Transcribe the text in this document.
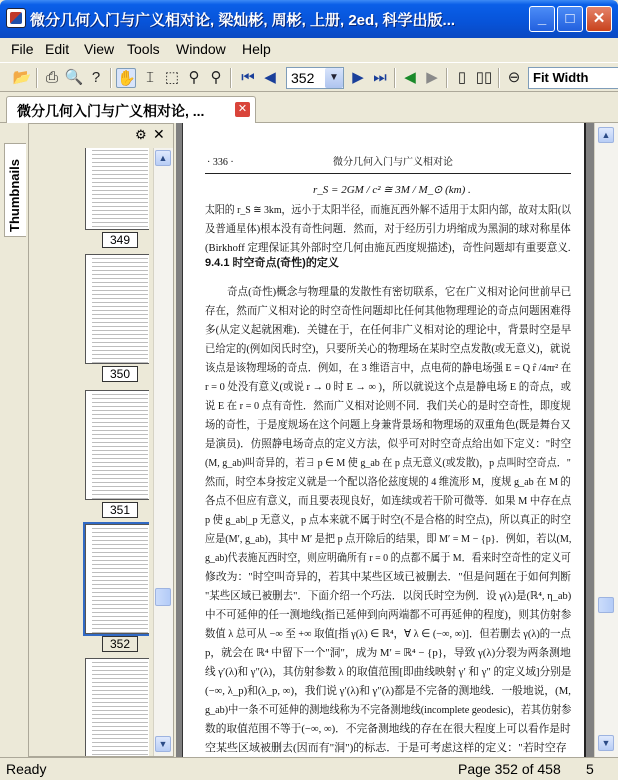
微分几何入门与广义相对论, 梁灿彬, 周彬, 上册, 2ed, 科学出版...	_	□	✕
File Edit View Tools Window Help
📂 ⎙ 🔍 ?	✋ 𝙸 ⬚ ⚲ ⚲	⏮ ◀	352	▼ ▶ ⏭ ◀ ▶	▯ ▯▯ ⊖ Fit Width
微分几何入门与广义相对论, ...	✕
Thumbnails
⚙ ✕
349
350
351
352
▲
▼
· 336 ·	微分几何入门与广义相对论
r_S = 2GM / c² ≅ 3M / M_⊙ (km) .
太阳的 r_S ≅ 3km，远小于太阳半径，而施瓦西外解不适用于太阳内部，故对太阳(以
及普通星体)根本没有奇性问题．然而，对于经历引力坍缩成为黑洞的球对称星体
(Birkhoff 定理保证其外部时空几何由施瓦西度规描述)，奇性问题却有重要意义.
9.4.1 时空奇点(奇性)的定义
奇点(奇性)概念与物理量的发散性有密切联系，它在广义相对论问世前早已
存在，然而广义相对论的时空奇性问题却比任何其他物理理论的奇点问题困难得
多(从定义起就困难)．关键在于，在任何非广义相对论的理论中，背景时空是早
已给定的(例如闵氏时空)，只要所关心的物理场在某时空点发散(或无意义)，就说
该点是该物理场的奇点．例如，在 3 维语言中，点电荷的静电场强 E = Q r̂ /4πr² 在
r = 0 处没有意义(或说 r → 0 时 E → ∞ )，所以就说这个点是静电场 E 的奇点，或
说 E 在 r = 0 点有奇性．然而广义相对论则不同．我们关心的是时空奇性，即度规
场的奇性，于是度规场在这个问题上身兼背景场和物理场的双重角色(既是舞台又
是演员)．仿照静电场奇点的定义方法，似乎可对时空奇点给出如下定义："时空
(M, g_ab)叫奇异的，若∃ p ∈ M 使 g_ab 在 p 点无意义(或发散)，p 点叫时空奇点．"
然而，时空本身按定义就是一个配以洛伦兹度规的 4 维流形 M，度规 g_ab 在 M 的
各点不但应有意义，而且要表现良好，如连续或若干阶可微等．如果 M 中存在点
p 使 g_ab|_p 无意义，p 点本来就不属于时空(不是合格的时空点)，所以真正的时空
应是(M′, g_ab)，其中 M′ 是把 p 点开除后的结果，即 M′ = M − {p}．例如，若以(M,
g_ab)代表施瓦西时空，则应明确所有 r = 0 的点都不属于 M．看来时空奇性的定义可
修改为："时空叫奇异的，若其中某些区域已被删去．"但是问题在于如何判断
"某些区域已被删去"．下面介绍一个巧法．以闵氏时空为例．设 γ(λ)是(ℝ⁴, η_ab)
中不可延伸的任一测地线(指已延伸到向两端都不可再延伸的程度)，则其仿射参
数值 λ 总可从 −∞ 至 +∞ 取值[指 γ(λ) ∈ ℝ⁴，∀ λ ∈ (−∞, ∞)]．但若删去 γ(λ)的一点
p，就会在 ℝ⁴ 中留下一个"洞"，成为 M′ = ℝ⁴ − {p}，导致 γ(λ)分裂为两条测地
线 γ′(λ)和 γ″(λ)，其仿射参数 λ 的取值范围[即曲线映射 γ′ 和 γ″ 的定义域]分别是
(−∞, λ_p)和(λ_p, ∞)，我们说 γ′(λ)和 γ″(λ)都是不完备的测地线．一般地说，(M,
g_ab)中一条不可延伸的测地线称为不完备测地线(incomplete geodesic)，若其仿射参
数的取值范围不等于(−∞, ∞)．不完备测地线的存在在很大程度上可以看作是时
空某些区域被删去(因而有"洞")的标志．于是可考虑这样的定义："若时空存
▲
▼
Ready	Page 352 of 458 5
